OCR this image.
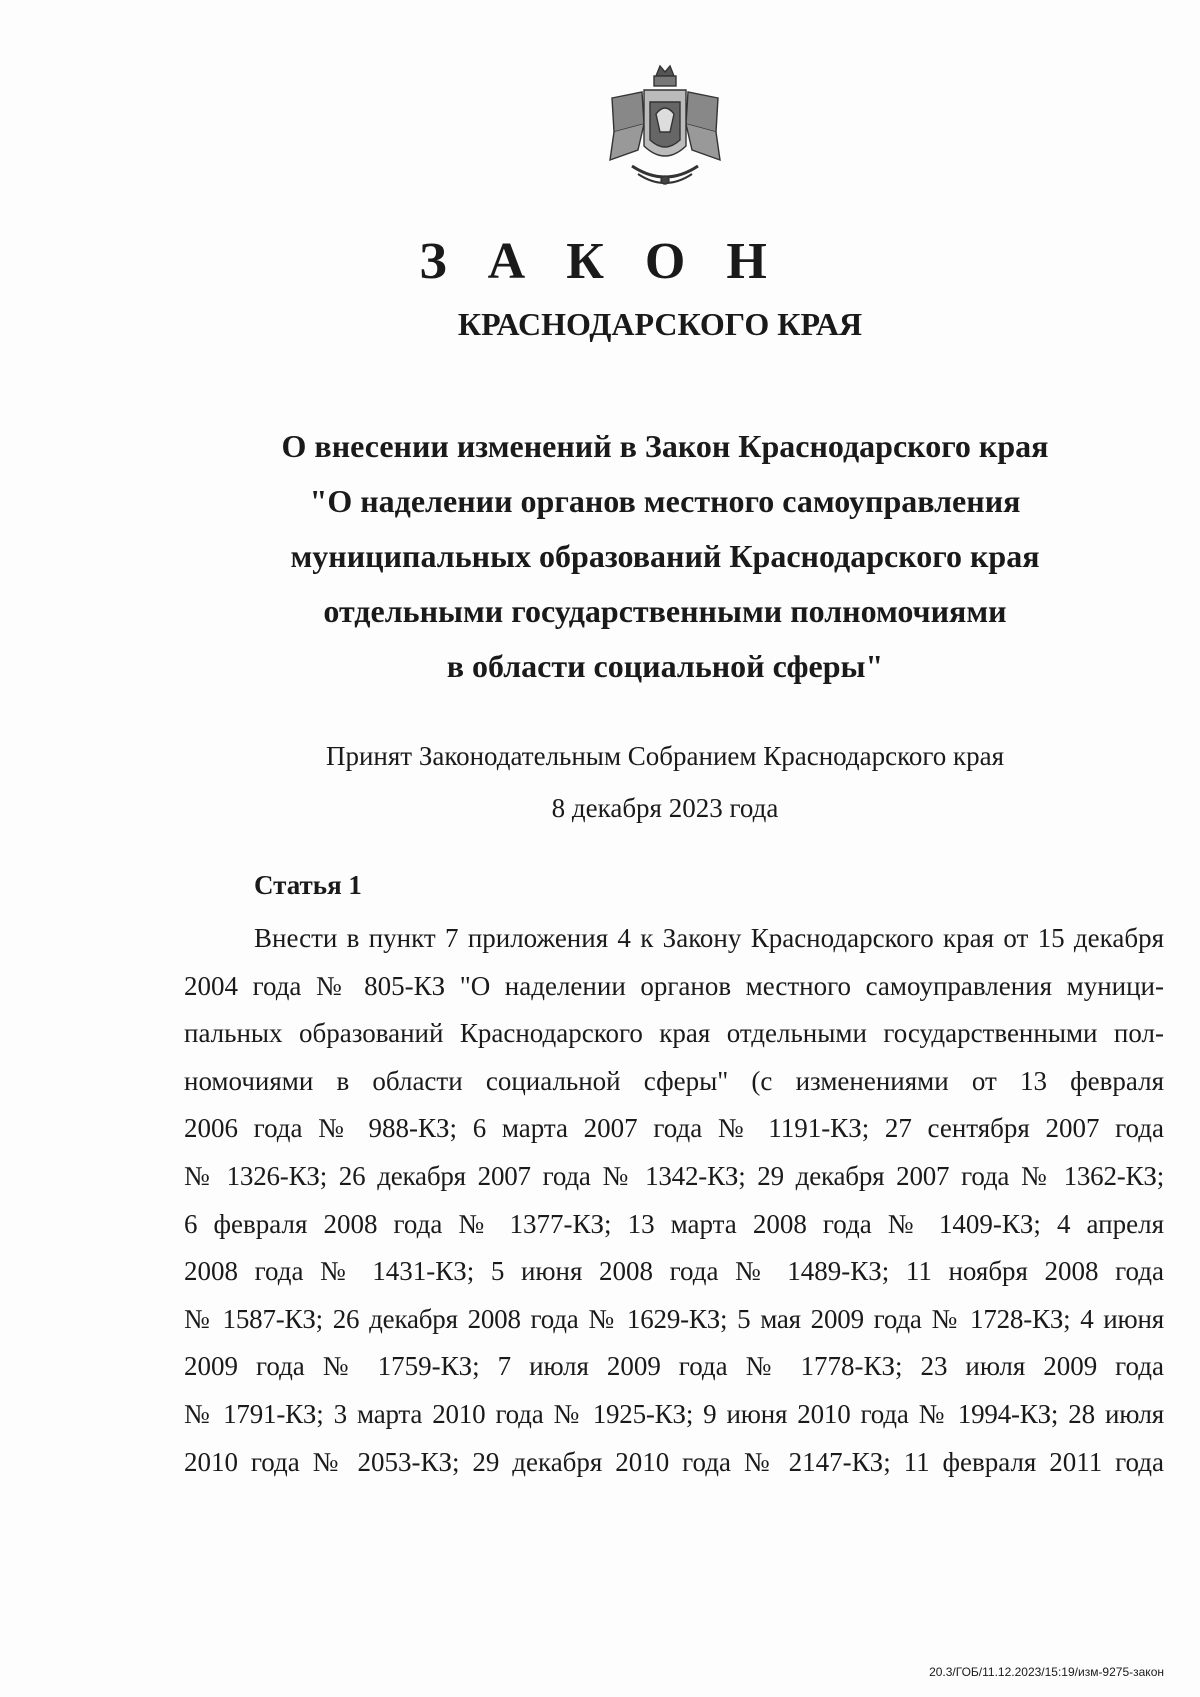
З А К О Н
КРАСНОДАРСКОГО КРАЯ
О внесении изменений в Закон Краснодарского края
"О наделении органов местного самоуправления
муниципальных образований Краснодарского края
отдельными государственными полномочиями
в области социальной сферы"
Принят Законодательным Собранием Краснодарского края
8 декабря 2023 года
Статья 1
Внести в пункт 7 приложения 4 к Закону Краснодарского края от 15 декабря
2004 года № 805-КЗ "О наделении органов местного самоуправления муници-
пальных образований Краснодарского края отдельными государственными пол-
номочиями в области социальной сферы" (с изменениями от 13 февраля
2006 года № 988-КЗ; 6 марта 2007 года № 1191-КЗ; 27 сентября 2007 года
№ 1326-КЗ; 26 декабря 2007 года № 1342-КЗ; 29 декабря 2007 года № 1362-КЗ;
6 февраля 2008 года № 1377-КЗ; 13 марта 2008 года № 1409-КЗ; 4 апреля
2008 года № 1431-КЗ; 5 июня 2008 года № 1489-КЗ; 11 ноября 2008 года
№ 1587-КЗ; 26 декабря 2008 года № 1629-КЗ; 5 мая 2009 года № 1728-КЗ; 4 июня
2009 года № 1759-КЗ; 7 июля 2009 года № 1778-КЗ; 23 июля 2009 года
№ 1791-КЗ; 3 марта 2010 года № 1925-КЗ; 9 июня 2010 года № 1994-КЗ; 28 июля
2010 года № 2053-КЗ; 29 декабря 2010 года № 2147-КЗ; 11 февраля 2011 года
20.3/ГОБ/11.12.2023/15:19/изм-9275-закон
